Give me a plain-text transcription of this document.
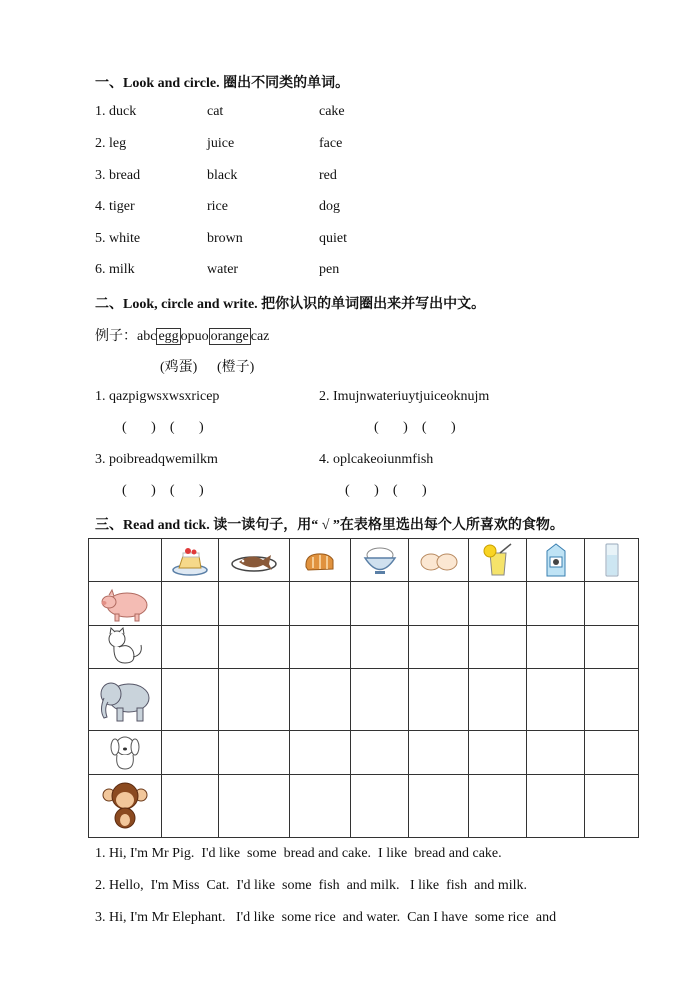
一、Look and circle. 圈出不同类的单词。
1. duck	cat	cake
2. leg	juice	face
3. bread	black	red
4. tiger	rice	dog
5. white	brown	quiet
6. milk	water	pen
二、Look, circle and write. 把你认识的单词圈出来并写出中文。
例子：abc egg opuo orange caz
(鸡蛋) (橙子)
1. qazpigwsxwsxricep	2. Imujnwateriuytjuiceoknujm
(       )    (       )	(       )    (       )
3. poibreadqwemilkm	4. oplcakeoiunmfish
(       )    (       )	(       )    (       )
三、Read and tick. 读一读句子，用“ √ ”在表格里选出每个人所喜欢的食物。

1. Hi, I'm Mr Pig.  I'd like  some  bread and cake.  I like  bread and cake.
2. Hello,  I'm Miss  Cat.  I'd like  some  fish  and milk.   I like  fish  and milk.
3. Hi, I'm Mr Elephant.   I'd like  some rice  and water.  Can I have  some rice  and
